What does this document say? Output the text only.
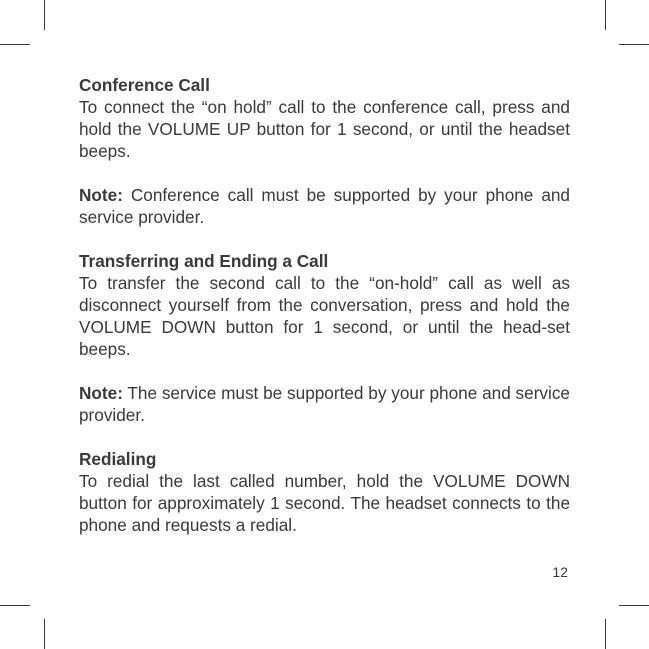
Conference Call

To connect the “on hold” call to the conference call, press and hold the VOLUME UP button for 1 second, or until the headset beeps.

Note: Conference call must be supported by your phone and service provider.

Transferring and Ending a Call

To transfer the second call to the “on-hold” call as well as disconnect yourself from the conversation, press and hold the VOLUME DOWN button for 1 second, or until the head-set beeps.

Note: The service must be supported by your phone and service provider.

Redialing

To redial the last called number, hold the VOLUME DOWN button for approximately 1 second. The headset connects to the phone and requests a redial.

12
